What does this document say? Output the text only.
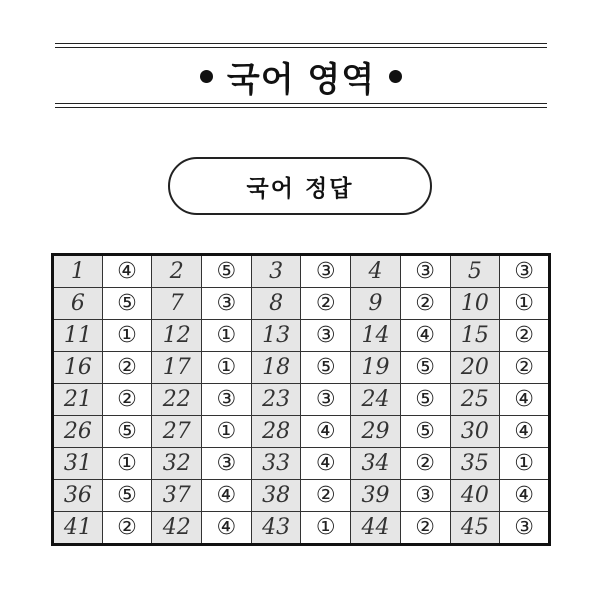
국어 영역
국어 정답
1	④	2	⑤	3	③	4	③	5	③
6	⑤	7	③	8	②	9	②	10	①
11	①	12	①	13	③	14	④	15	②
16	②	17	①	18	⑤	19	⑤	20	②
21	②	22	③	23	③	24	⑤	25	④
26	⑤	27	①	28	④	29	⑤	30	④
31	①	32	③	33	④	34	②	35	①
36	⑤	37	④	38	②	39	③	40	④
41	②	42	④	43	①	44	②	45	③
